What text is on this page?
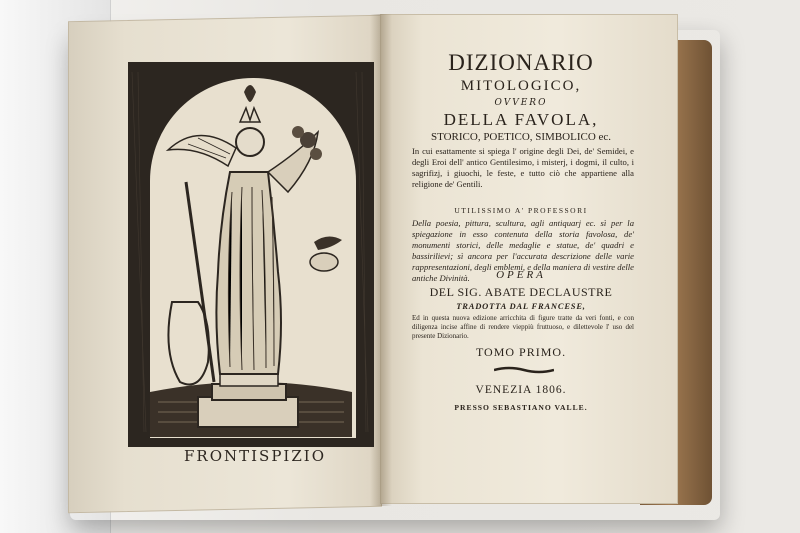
FRONTISPIZIO
DIZIONARIO
MITOLOGICO,
OVVERO
DELLA FAVOLA,
STORICO, POETICO, SIMBOLICO ec.
In cui esattamente si spiega l' origine degli Dei, de' Semidei, e degli Eroi dell' antico Gentilesimo, i misterj, i dogmi, il culto, i sagrifizj, i giuochi, le feste, e tutto ciò che appartiene alla religione de' Gentili.
UTILISSIMO A' PROFESSORI
Della poesia, pittura, scultura, agli antiquarj ec. sì per la spiegazione in esso contenuta della storia favolosa, de' monumenti storici, delle medaglie e statue, de' quadri e bassirilievi; sì ancora per l'accurata descrizione delle varie rappresentazioni, degli emblemi, e della maniera di vestire delle antiche Divinità.	OPERA
DEL SIG. ABATE DECLAUSTRE
TRADOTTA DAL FRANCESE,
Ed in questa nuova edizione arricchita di figure tratte da veri fonti, e con diligenza incise affine di rendere vieppiù fruttuoso, e dilettevole l' uso del presente Dizionario.
TOMO PRIMO.
VENEZIA 1806.
PRESSO SEBASTIANO VALLE.
